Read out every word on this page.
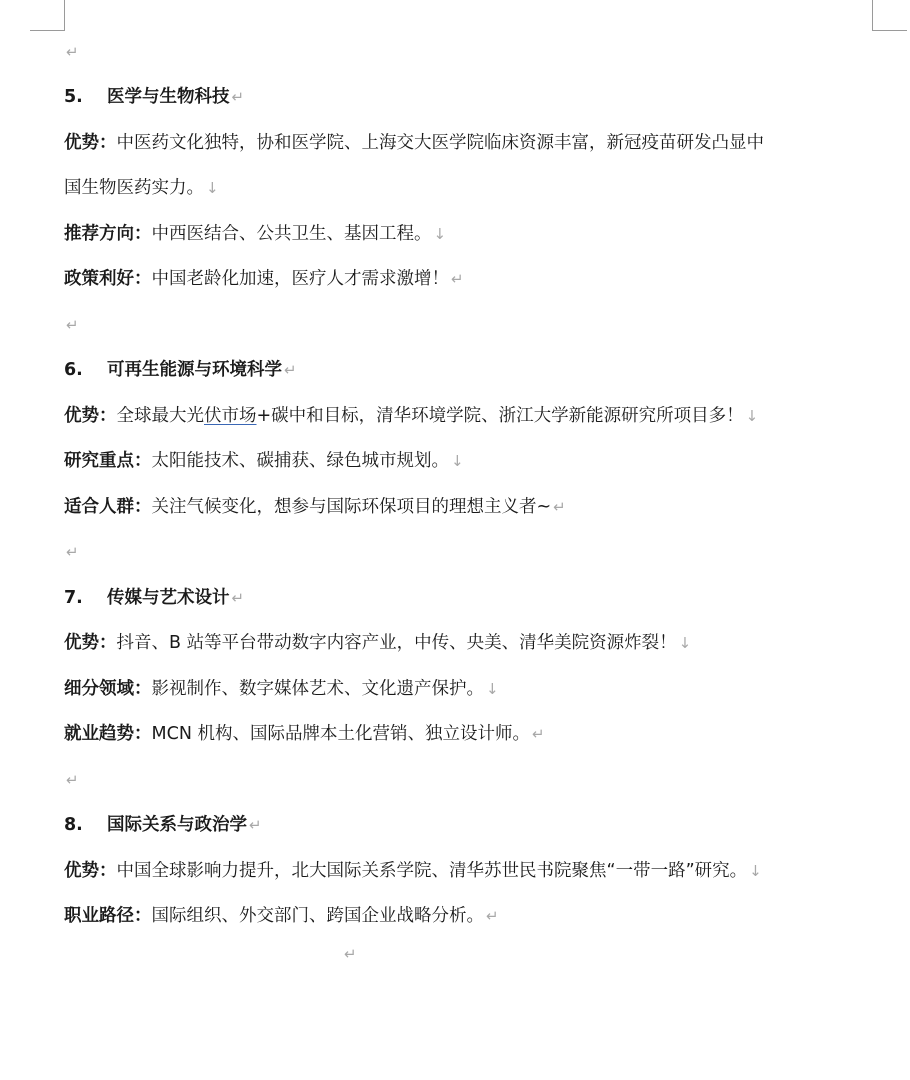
↵
5. 医学与生物科技 ↵
优势：中医药文化独特，协和医学院、上海交大医学院临床资源丰富，新冠疫苗研发凸显中
国生物医药实力。 ↓
推荐方向：中西医结合、公共卫生、基因工程。 ↓
政策利好：中国老龄化加速，医疗人才需求激增！ ↵
↵
6. 可再生能源与环境科学 ↵
优势：全球最大光伏市场+碳中和目标，清华环境学院、浙江大学新能源研究所项目多！ ↓
研究重点：太阳能技术、碳捕获、绿色城市规划。 ↓
适合人群：关注气候变化，想参与国际环保项目的理想主义者~ ↵
↵
7. 传媒与艺术设计 ↵
优势：抖音、B 站等平台带动数字内容产业，中传、央美、清华美院资源炸裂！ ↓
细分领域：影视制作、数字媒体艺术、文化遗产保护。 ↓
就业趋势：MCN 机构、国际品牌本土化营销、独立设计师。 ↵
↵
8. 国际关系与政治学 ↵
优势：中国全球影响力提升，北大国际关系学院、清华苏世民书院聚焦“一带一路”研究。 ↓
职业路径：国际组织、外交部门、跨国企业战略分析。 ↵
↵
